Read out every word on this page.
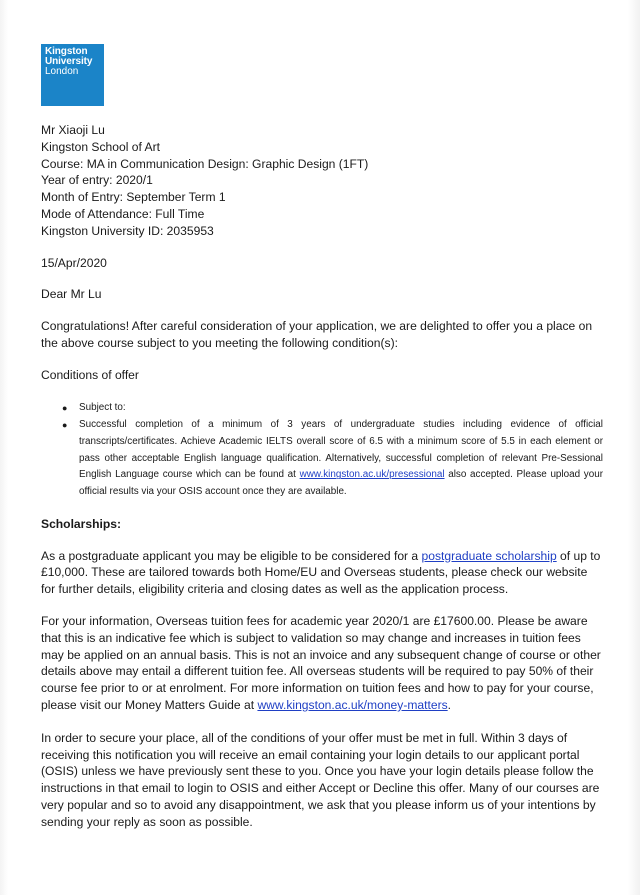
Kingston
University
London
Mr Xiaoji Lu
Kingston School of Art
Course: MA in Communication Design: Graphic Design (1FT)
Year of entry: 2020/1
Month of Entry: September Term 1
Mode of Attendance: Full Time
Kingston University ID: 2035953

15/Apr/2020

Dear Mr Lu

Congratulations! After careful consideration of your application, we are delighted to offer you a place on the above course subject to you meeting the following condition(s):

Conditions of offer

● Subject to:
● Successful completion of a minimum of 3 years of undergraduate studies including evidence of official transcripts/certificates. Achieve Academic IELTS overall score of 6.5 with a minimum score of 5.5 in each element or pass other acceptable English language qualification. Alternatively, successful completion of relevant Pre-Sessional English Language course which can be found at www.kingston.ac.uk/presessional also accepted. Please upload your official results via your OSIS account once they are available.

Scholarships:

As a postgraduate applicant you may be eligible to be considered for a postgraduate scholarship of up to £10,000. These are tailored towards both Home/EU and Overseas students, please check our website for further details, eligibility criteria and closing dates as well as the application process.

For your information, Overseas tuition fees for academic year 2020/1 are £17600.00. Please be aware that this is an indicative fee which is subject to validation so may change and increases in tuition fees may be applied on an annual basis. This is not an invoice and any subsequent change of course or other details above may entail a different tuition fee. All overseas students will be required to pay 50% of their course fee prior to or at enrolment. For more information on tuition fees and how to pay for your course, please visit our Money Matters Guide at www.kingston.ac.uk/money-matters.

In order to secure your place, all of the conditions of your offer must be met in full. Within 3 days of receiving this notification you will receive an email containing your login details to our applicant portal (OSIS) unless we have previously sent these to you. Once you have your login details please follow the instructions in that email to login to OSIS and either Accept or Decline this offer. Many of our courses are very popular and so to avoid any disappointment, we ask that you please inform us of your intentions by sending your reply as soon as possible.
